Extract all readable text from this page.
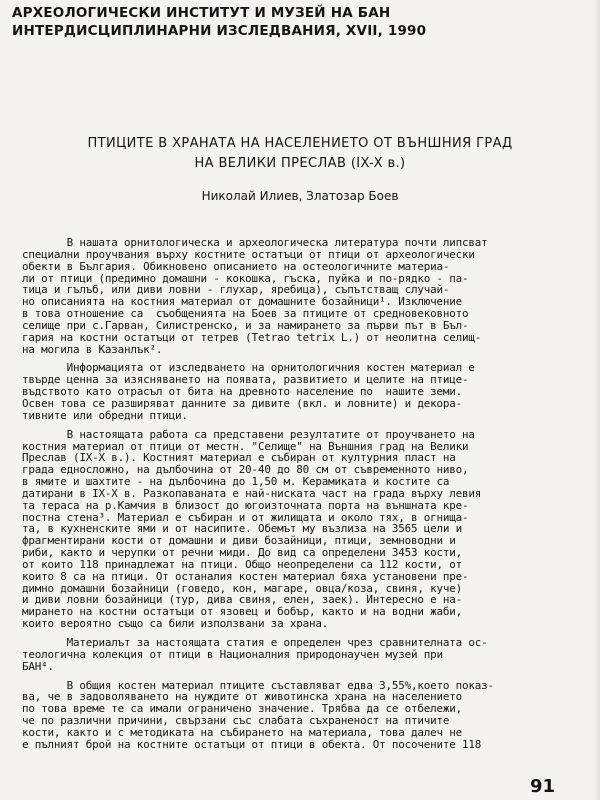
АРХЕОЛОГИЧЕСКИ ИНСТИТУТ И МУЗЕЙ НА БАН
ИНТЕРДИСЦИПЛИНАРНИ ИЗСЛЕДВАНИЯ, XVII, 1990
ПТИЦИТЕ В ХРАНАТА НА НАСЕЛЕНИЕТО ОТ ВЪНШНИЯ ГРАД
НА ВЕЛИКИ ПРЕСЛАВ (IX-X в.)
Николай Илиев, Златозар Боев
В нашата орнитологическа и археологическа литература почти липсват
специални проучвания върху костните остатъци от птици от археологически
обекти в България. Обикновено описанието на остеологичните материа-
ли от птици (предимно домашни - кокошка, гъска, пуйка и по-рядко - па-
тица и гълъб, или диви ловни - глухар, яребица), съпътстващ случай-
но описанията на костния материал от домашните бозайници¹. Изключение
в това отношение са  съобщенията на Боев за птиците от средновековното
селище при с.Гарван, Силистренско, и за намирането за първи път в Бъл-
гария на костни остатъци от тетрев (Tetrao tetrix L.) от неолитна селищ-
на могила в Казанлък².
Информацията от изследването на орнитологичния костен материал е
твърде ценна за изясняването на появата, развитието и целите на птице-
въдството като отрасъл от бита на древното население по  нашите земи.
Освен това се разширяват данните за дивите (вкл. и ловните) и декора-
тивните или обредни птици.
В настоящата работа са представени резултатите от проучването на
костния материал от птици от местн. "Селище" на Външния град на Велики
Преслав (IX-X в.). Костният материал е събиран от културния пласт на
града едносложно, на дълбочина от 20-40 до 80 см от съвременното ниво,
в ямите и шахтите - на дълбочина до 1,50 м. Керамиката и костите са
датирани в IX-X в. Разкопаваната е най-ниската част на града върху левия
та тераса на р.Камчия в близост до югоизточната порта на външната кре-
постна стена³. Материал е събиран и от жилищата и около тях, в огнища-
та, в кухненските ями и от насипите. Обемът му възлиза на 3565 цели и
фрагментирани кости от домашни и диви бозайници, птици, земноводни и
риби, както и черупки от речни миди. До вид са определени 3453 кости,
от които 118 принадлежат на птици. Общо неопределени са 112 кости, от
които 8 са на птици. От останалия костен материал бяха установени пре-
димно домашни бозайници (говедо, кон, магаре, овца/коза, свиня, куче)
и диви ловни бозайници (тур, дива свиня, елен, заек). Интересно е на-
мирането на костни остатъци от язовец и бобър, както и на водни жаби,
които вероятно също са били използвани за храна.
Материалът за настоящата статия е определен чрез сравнителната ос-
теологична колекция от птици в Националния природонаучен музей при
БАН⁴.
В общия костен материал птиците съставляват едва 3,55%,което показ-
ва, че в задоволяването на нуждите от животинска храна на населението
по това време те са имали ограничено значение. Трябва да се отбележи,
че по различни причини, свързани със слабата съхраненост на птичите
кости, както и с методиката на събирането на материала, това далеч не
е пълният брой на костните остатъци от птици в обекта. От посочените 118
91
